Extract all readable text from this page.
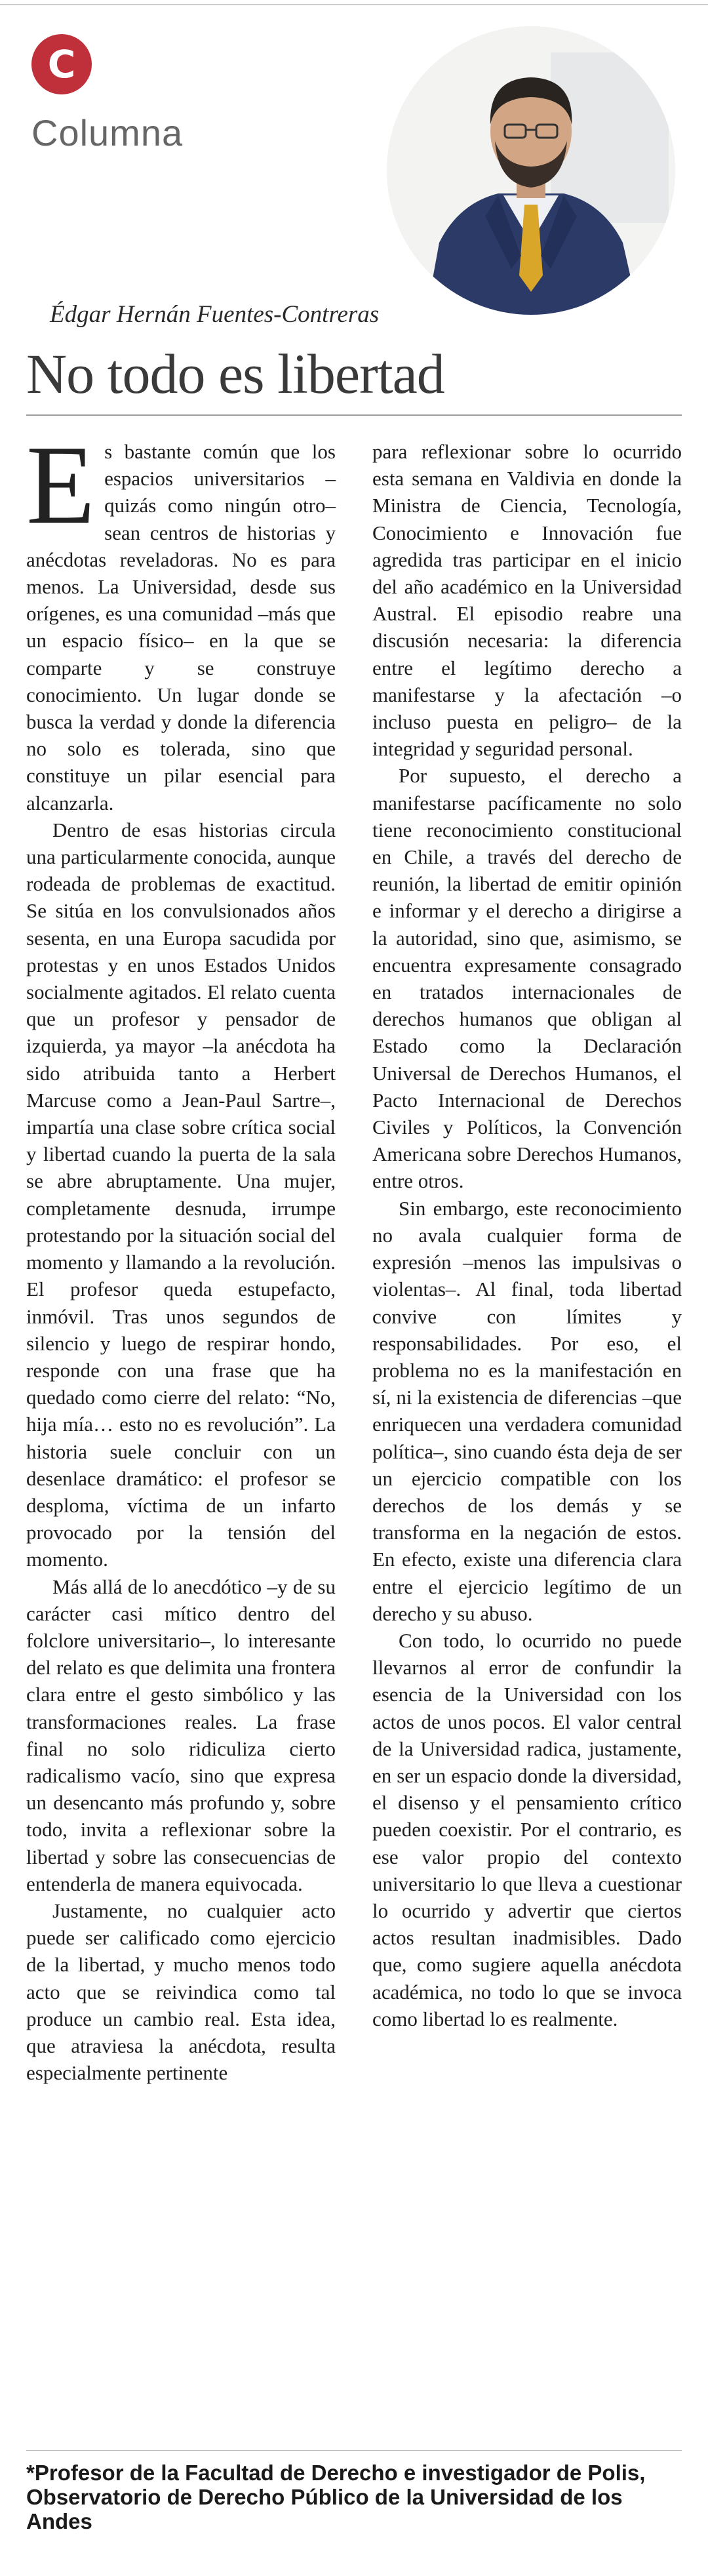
C
Columna
Édgar Hernán Fuentes-Contreras
No todo es libertad

Es bastante común que los espacios universitarios –quizás como ningún otro– sean centros de historias y anécdotas reveladoras. No es para menos. La Universidad, desde sus orígenes, es una comunidad –más que un espacio físico– en la que se comparte y se construye conocimiento. Un lugar donde se busca la verdad y donde la diferencia no solo es tolerada, sino que constituye un pilar esencial para alcanzarla.

Dentro de esas historias circula una particularmente conocida, aunque rodeada de problemas de exactitud. Se sitúa en los convulsionados años sesenta, en una Europa sacudida por protestas y en unos Estados Unidos socialmente agitados. El relato cuenta que un profesor y pensador de izquierda, ya mayor –la anécdota ha sido atribuida tanto a Herbert Marcuse como a Jean-Paul Sartre–, impartía una clase sobre crítica social y libertad cuando la puerta de la sala se abre abruptamente. Una mujer, completamente desnuda, irrumpe protestando por la situación social del momento y llamando a la revolución. El profesor queda estupefacto, inmóvil. Tras unos segundos de silencio y luego de respirar hondo, responde con una frase que ha quedado como cierre del relato: “No, hija mía… esto no es revolución”. La historia suele concluir con un desenlace dramático: el profesor se desploma, víctima de un infarto provocado por la tensión del momento.

Más allá de lo anecdótico –y de su carácter casi mítico dentro del folclore universitario–, lo interesante del relato es que delimita una frontera clara entre el gesto simbólico y las transformaciones reales. La frase final no solo ridiculiza cierto radicalismo vacío, sino que expresa un desencanto más profundo y, sobre todo, invita a reflexionar sobre la libertad y sobre las consecuencias de entenderla de manera equivocada.

Justamente, no cualquier acto puede ser calificado como ejercicio de la libertad, y mucho menos todo acto que se reivindica como tal produce un cambio real. Esta idea, que atraviesa la anécdota, resulta especialmente pertinente

para reflexionar sobre lo ocurrido esta semana en Valdivia en donde la Ministra de Ciencia, Tecnología, Conocimiento e Innovación fue agredida tras participar en el inicio del año académico en la Universidad Austral. El episodio reabre una discusión necesaria: la diferencia entre el legítimo derecho a manifestarse y la afectación –o incluso puesta en peligro– de la integridad y seguridad personal.

Por supuesto, el derecho a manifestarse pacíficamente no solo tiene reconocimiento constitucional en Chile, a través del derecho de reunión, la libertad de emitir opinión e informar y el derecho a dirigirse a la autoridad, sino que, asimismo, se encuentra expresamente consagrado en tratados internacionales de derechos humanos que obligan al Estado como la Declaración Universal de Derechos Humanos, el Pacto Internacional de Derechos Civiles y Políticos, la Convención Americana sobre Derechos Humanos, entre otros.

Sin embargo, este reconocimiento no avala cualquier forma de expresión –menos las impulsivas o violentas–. Al final, toda libertad convive con límites y responsabilidades. Por eso, el problema no es la manifestación en sí, ni la existencia de diferencias –que enriquecen una verdadera comunidad política–, sino cuando ésta deja de ser un ejercicio compatible con los derechos de los demás y se transforma en la negación de estos. En efecto, existe una diferencia clara entre el ejercicio legítimo de un derecho y su abuso.

Con todo, lo ocurrido no puede llevarnos al error de confundir la esencia de la Universidad con los actos de unos pocos. El valor central de la Universidad radica, justamente, en ser un espacio donde la diversidad, el disenso y el pensamiento crítico pueden coexistir. Por el contrario, es ese valor propio del contexto universitario lo que lleva a cuestionar lo ocurrido y advertir que ciertos actos resultan inadmisibles. Dado que, como sugiere aquella anécdota académica, no todo lo que se invoca como libertad lo es realmente.

*Profesor de la Facultad de Derecho e investigador de Polis, Observatorio de Derecho Público de la Universidad de los Andes
